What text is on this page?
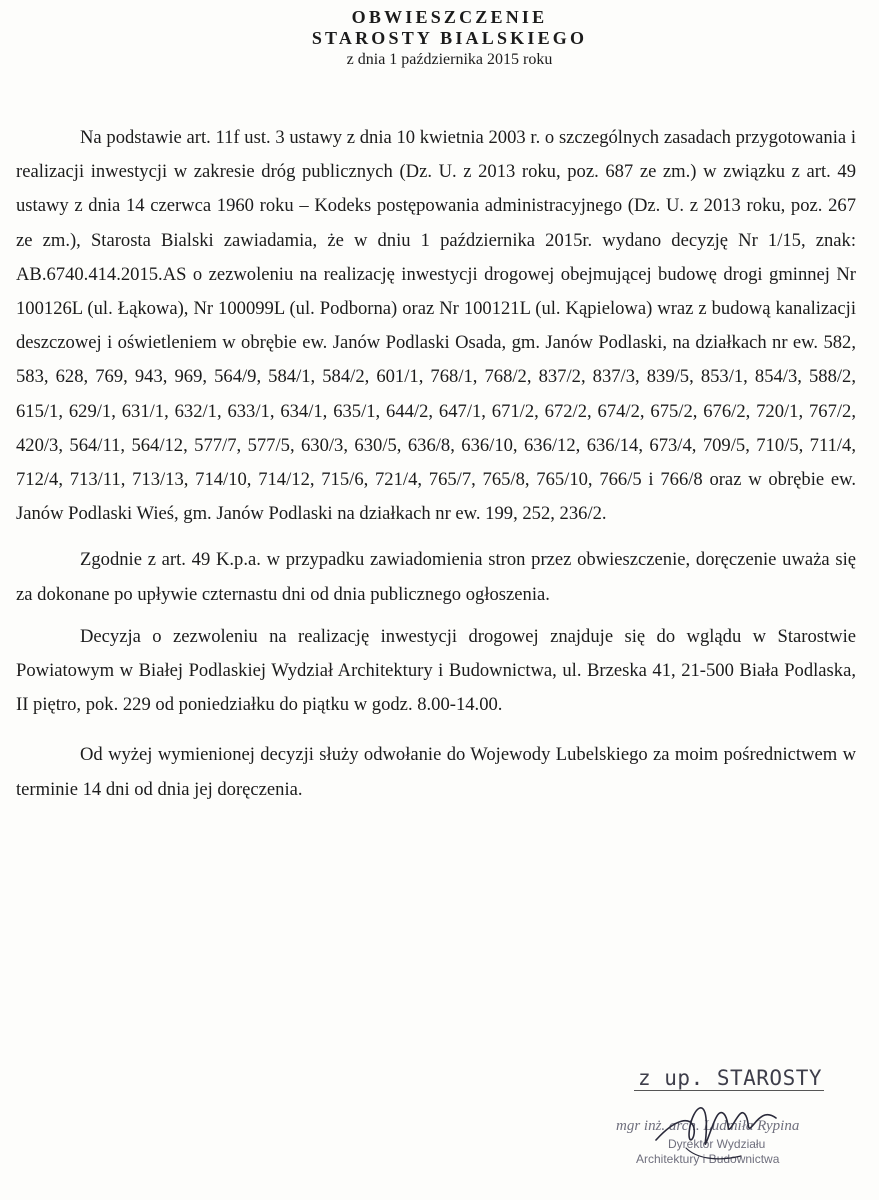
OBWIESZCZENIE
STAROSTY BIALSKIEGO
z dnia 1 października 2015 roku

Na podstawie art. 11f ust. 3 ustawy z dnia 10 kwietnia 2003 r. o szczególnych zasadach przygotowania i realizacji inwestycji w zakresie dróg publicznych (Dz. U. z 2013 roku, poz. 687 ze zm.) w związku z art. 49 ustawy z dnia 14 czerwca 1960 roku – Kodeks postępowania administracyjnego (Dz. U. z 2013 roku, poz. 267 ze zm.), Starosta Bialski zawiadamia, że w dniu 1 października 2015r. wydano decyzję Nr 1/15, znak: AB.6740.414.2015.AS o zezwoleniu na realizację inwestycji drogowej obejmującej budowę drogi gminnej Nr 100126L (ul. Łąkowa), Nr 100099L (ul. Podborna) oraz Nr 100121L (ul. Kąpielowa) wraz z budową kanalizacji deszczowej i oświetleniem w obrębie ew. Janów Podlaski Osada, gm. Janów Podlaski, na działkach nr ew. 582, 583, 628, 769, 943, 969, 564/9, 584/1, 584/2, 601/1, 768/1, 768/2, 837/2, 837/3, 839/5, 853/1, 854/3, 588/2, 615/1, 629/1, 631/1, 632/1, 633/1, 634/1, 635/1, 644/2, 647/1, 671/2, 672/2, 674/2, 675/2, 676/2, 720/1, 767/2, 420/3, 564/11, 564/12, 577/7, 577/5, 630/3, 630/5, 636/8, 636/10, 636/12, 636/14, 673/4, 709/5, 710/5, 711/4, 712/4, 713/11, 713/13, 714/10, 714/12, 715/6, 721/4, 765/7, 765/8, 765/10, 766/5 i 766/8 oraz w obrębie ew. Janów Podlaski Wieś, gm. Janów Podlaski na działkach nr ew. 199, 252, 236/2.

Zgodnie z art. 49 K.p.a. w przypadku zawiadomienia stron przez obwieszczenie, doręczenie uważa się za dokonane po upływie czternastu dni od dnia publicznego ogłoszenia.

Decyzja o zezwoleniu na realizację inwestycji drogowej znajduje się do wglądu w Starostwie Powiatowym w Białej Podlaskiej Wydział Architektury i Budownictwa, ul. Brzeska 41, 21-500 Biała Podlaska, II piętro, pok. 229 od poniedziałku do piątku w godz. 8.00-14.00.

Od wyżej wymienionej decyzji służy odwołanie do Wojewody Lubelskiego za moim pośrednictwem w terminie 14 dni od dnia jej doręczenia.

z up. STAROSTY
mgr inż. arch. Ludmiła Rypina
Dyrektor Wydziału
Architektury i Budownictwa
